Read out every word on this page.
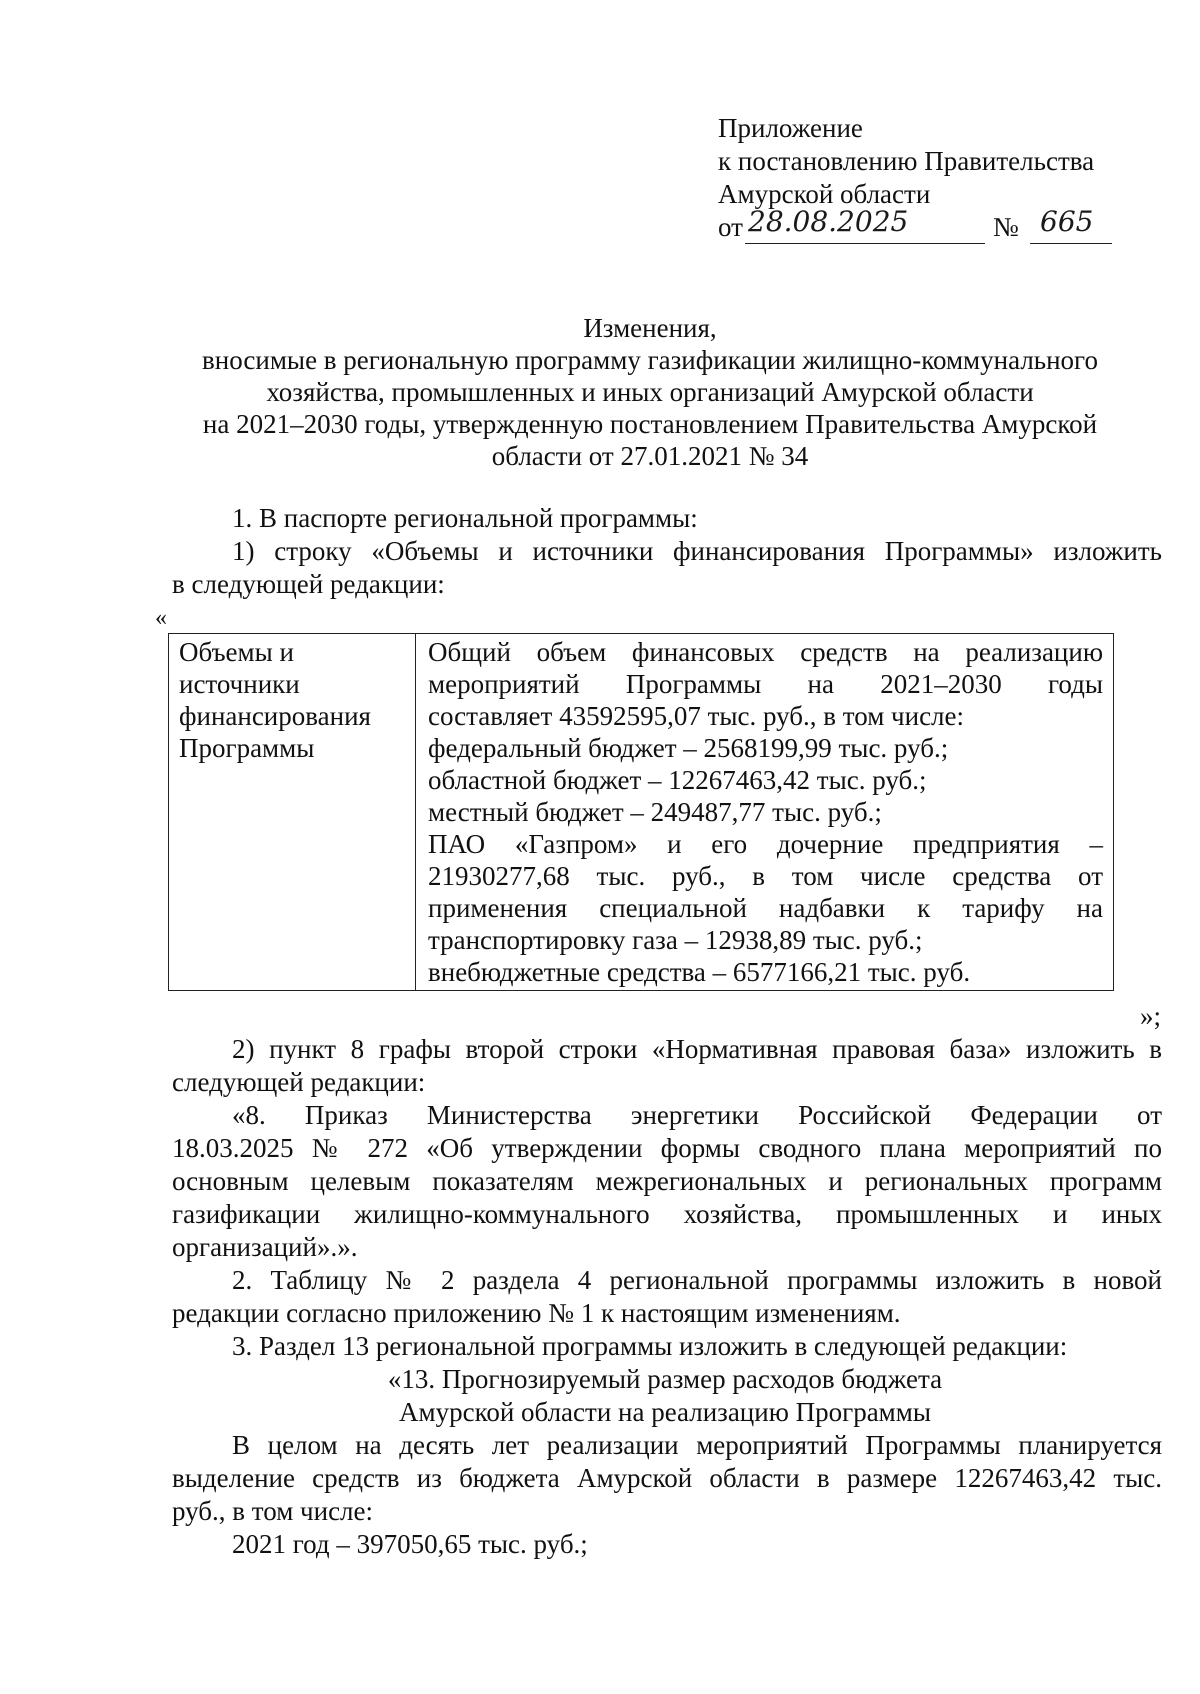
Приложение
к постановлению Правительства
Амурской области
от 28.08.2025	№ 665
Изменения,
вносимые в региональную программу газификации жилищно-коммунального
хозяйства, промышленных и иных организаций Амурской области
на 2021–2030 годы, утвержденную постановлением Правительства Амурской
области от 27.01.2021 № 34
1. В паспорте региональной программы:
1) строку «Объемы и источники финансирования Программы» изложить
в следующей редакции:
«
Объемы и
источники
финансирования
Программы

Общий объем финансовых средств на реализацию
мероприятий Программы на 2021–2030 годы
составляет 43592595,07 тыс. руб., в том числе:
федеральный бюджет – 2568199,99 тыс. руб.;
областной бюджет – 12267463,42 тыс. руб.;
местный бюджет – 249487,77 тыс. руб.;
ПАО «Газпром» и его дочерние предприятия –
21930277,68 тыс. руб., в том числе средства от
применения специальной надбавки к тарифу на
транспортировку газа – 12938,89 тыс. руб.;
внебюджетные средства – 6577166,21 тыс. руб.
»;
2) пункт 8 графы второй строки «Нормативная правовая база» изложить в
следующей редакции:
«8. Приказ Министерства энергетики Российской Федерации от
18.03.2025 № 272 «Об утверждении формы сводного плана мероприятий по
основным целевым показателям межрегиональных и региональных программ
газификации жилищно-коммунального хозяйства, промышленных и иных
организаций».».
2. Таблицу № 2 раздела 4 региональной программы изложить в новой
редакции согласно приложению № 1 к настоящим изменениям.
3. Раздел 13 региональной программы изложить в следующей редакции:
«13. Прогнозируемый размер расходов бюджета
Амурской области на реализацию Программы
В целом на десять лет реализации мероприятий Программы планируется
выделение средств из бюджета Амурской области в размере 12267463,42 тыс.
руб., в том числе:
2021 год – 397050,65 тыс. руб.;
